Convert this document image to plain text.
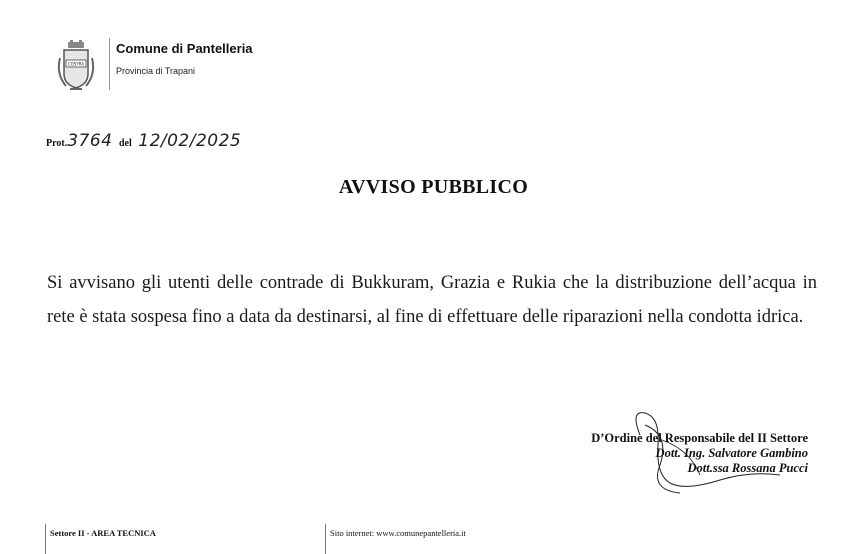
COSYRA
Comune di Pantelleria
Provincia di Trapani
Prot.3764 del 12/02/2025
AVVISO PUBBLICO
Si avvisano gli utenti delle contrade di Bukkuram, Grazia e Rukia che la distribuzione dell’acqua in rete è stata sospesa fino a data da destinarsi, al fine di effettuare delle riparazioni nella condotta idrica.
D’Ordine del Responsabile del II Settore
Dott. Ing. Salvatore Gambino
Dott.ssa Rossana Pucci
Settore II - AREA TECNICA	Sito internet: www.comunepantelleria.it
